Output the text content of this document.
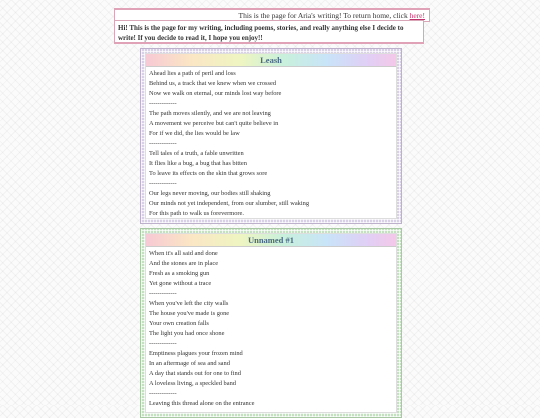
This is the page for Aria's writing! To return home, click here!
Hi! This is the page for my writing, including poems, stories, and really anything else I decide to write! If you decide to read it, I hope you enjoy!!
Leash
Ahead lies a path of peril and loss
Behind us, a track that we knew when we crossed
Now we walk on eternal, our minds lost way before
-------------
The path moves silently, and we are not leaving
A movement we perceive but can't quite believe in
For if we did, the lies would be law
-------------
Tell tales of a truth, a fable unwritten
It flies like a bug, a bug that has bitten
To leave its effects on the skin that grows sore
-------------
Our legs never moving, our bodies still shaking
Our minds not yet independent, from our slumber, still waking
For this path to walk us forevermore.
Unnamed #1
When it's all said and done
And the stones are in place
Fresh as a smoking gun
Yet gone without a trace
-------------
When you've left the city walls
The house you've made is gone
Your own creation falls
The light you had once shone
-------------
Emptiness plagues your frozen mind
In an aftermage of sea and sand
A day that stands out for one to find
A loveless living, a speckled band
-------------
Leaving this thread alone on the entrance
